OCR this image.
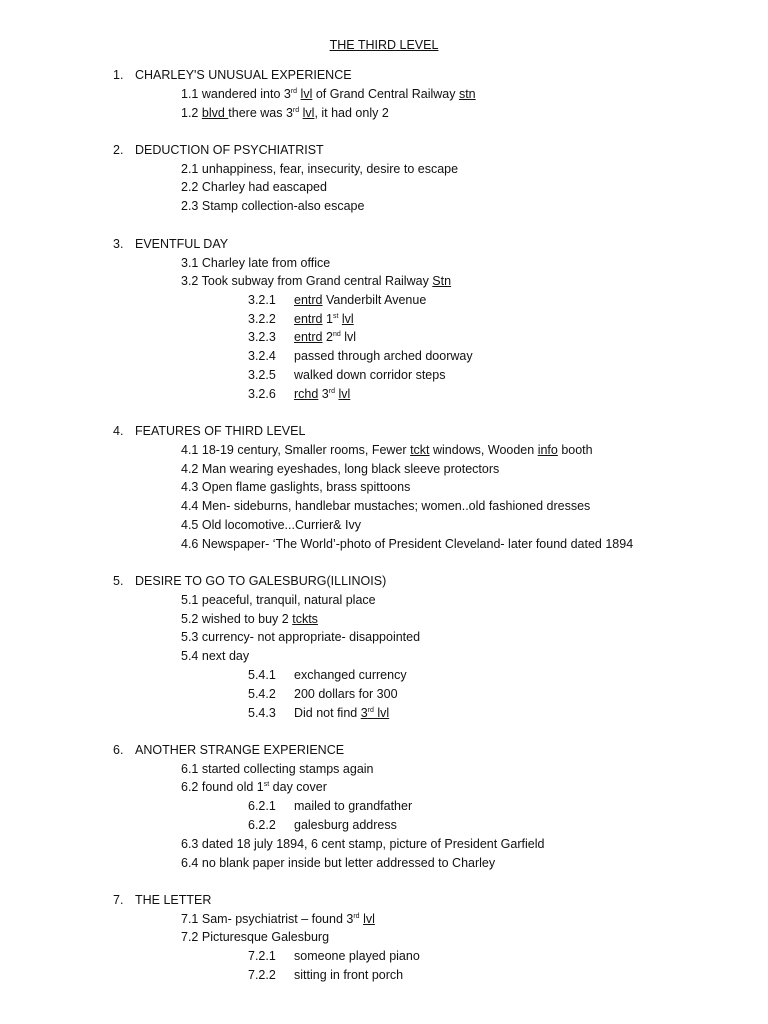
THE THIRD LEVEL
1. CHARLEY'S UNUSUAL EXPERIENCE
1.1 wandered into 3rd lvl of Grand Central Railway stn
1.2 blvd there was 3rd lvl, it had only 2
2. DEDUCTION OF PSYCHIATRIST
2.1 unhappiness, fear, insecurity, desire to escape
2.2 Charley had eascaped
2.3 Stamp collection-also escape
3. EVENTFUL DAY
3.1 Charley late from office
3.2 Took subway from Grand central Railway Stn
3.2.1 entrd Vanderbilt Avenue
3.2.2 entrd 1st lvl
3.2.3 entrd 2nd lvl
3.2.4 passed through arched doorway
3.2.5 walked down corridor steps
3.2.6 rchd 3rd lvl
4. FEATURES OF THIRD LEVEL
4.1 18-19 century, Smaller rooms, Fewer tckt windows, Wooden info booth
4.2 Man wearing eyeshades, long black sleeve protectors
4.3 Open flame gaslights, brass spittoons
4.4 Men- sideburns, handlebar mustaches; women..old fashioned dresses
4.5 Old locomotive...Currier& Ivy
4.6 Newspaper- ‘The World’-photo of President Cleveland- later found dated 1894
5. DESIRE TO GO TO GALESBURG(ILLINOIS)
5.1 peaceful, tranquil, natural place
5.2 wished to buy 2 tckts
5.3 currency- not appropriate- disappointed
5.4 next day
5.4.1 exchanged currency
5.4.2 200 dollars for 300
5.4.3 Did not find 3rd lvl
6. ANOTHER STRANGE EXPERIENCE
6.1 started collecting stamps again
6.2 found old 1st day cover
6.2.1 mailed to grandfather
6.2.2 galesburg address
6.3 dated 18 july 1894, 6 cent stamp, picture of President Garfield
6.4 no blank paper inside but letter addressed to Charley
7. THE LETTER
7.1 Sam- psychiatrist – found 3rd lvl
7.2 Picturesque Galesburg
7.2.1 someone played piano
7.2.2 sitting in front porch
